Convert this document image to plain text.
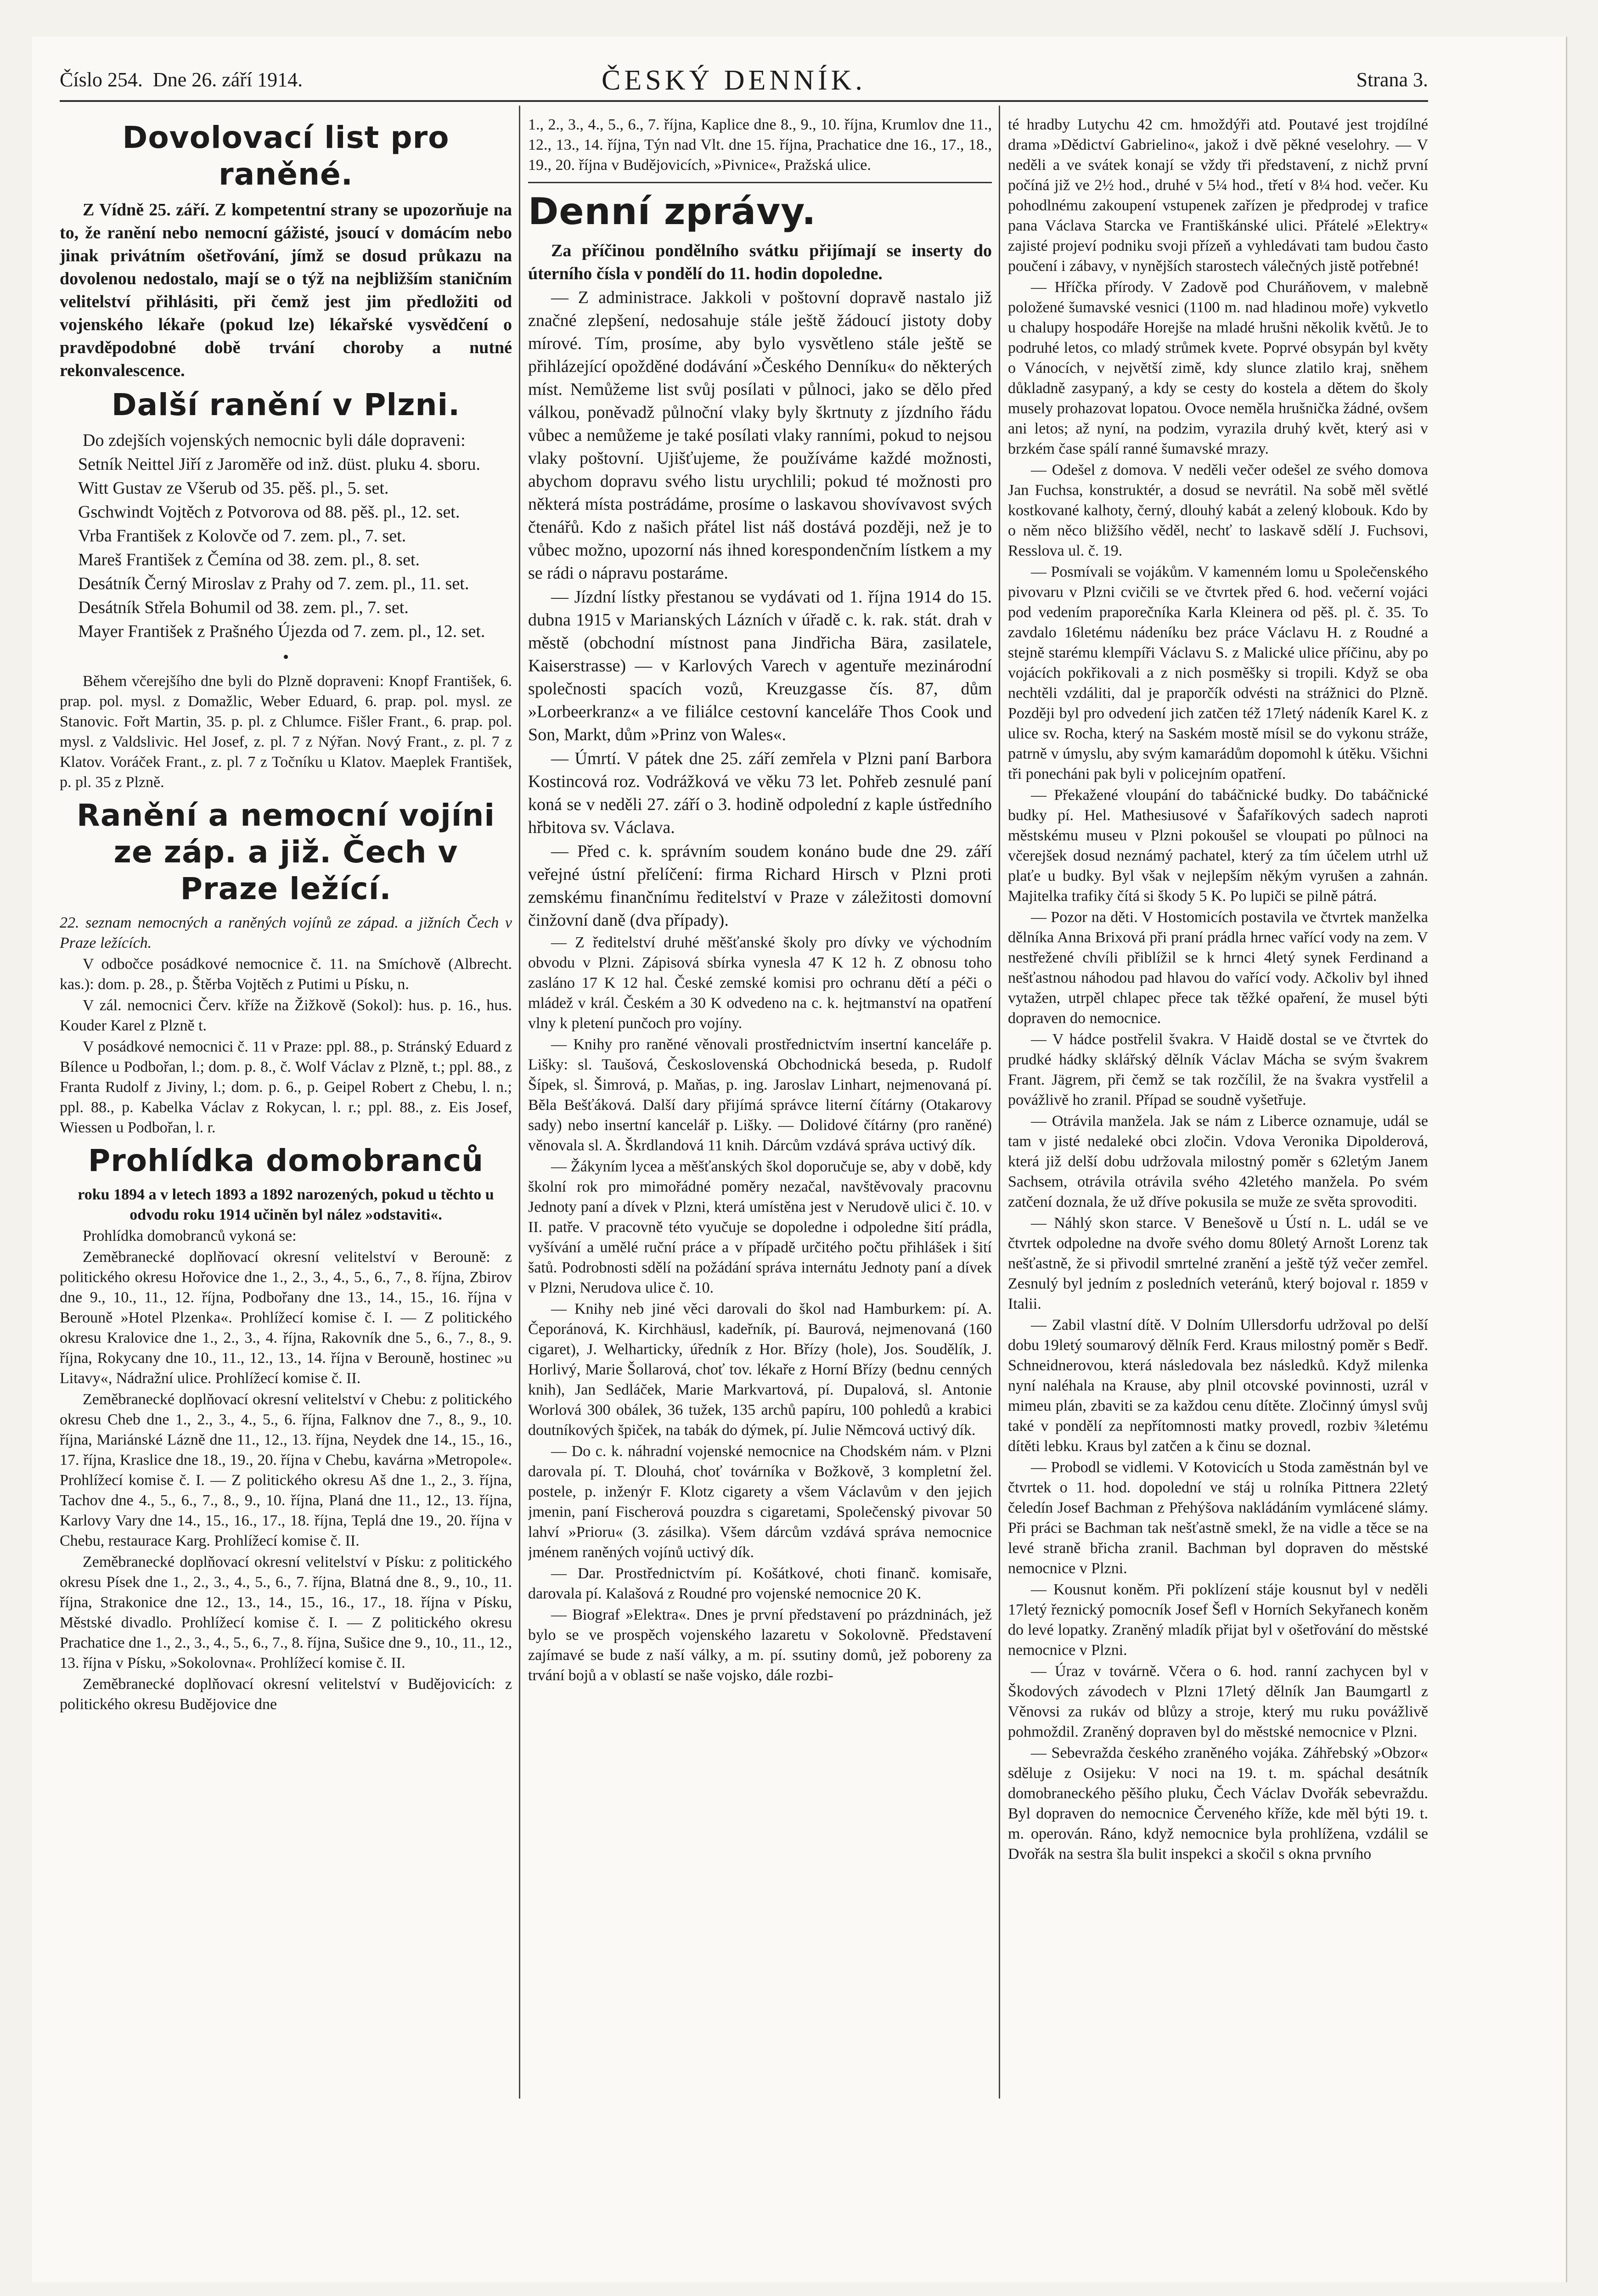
Číslo 254. Dne 26. září 1914.	ČESKÝ DENNÍK.	Strana 3.
Dovolovací list pro raněné.

Z Vídně 25. září. Z kompetentní strany se upozorňuje na to, že ranění nebo nemocní gážisté, jsoucí v domácím nebo jinak privátním ošetřování, jímž se dosud průkazu na dovolenou nedostalo, mají se o týž na nejbližším staničním velitelství přihlásiti, při čemž jest jim předložiti od vojenského lékaře (pokud lze) lékařské vysvědčení o pravděpodobné době trvání choroby a nutné rekonvalescence.

Další ranění v Plzni.

Do zdejších vojenských nemocnic byli dále dopraveni:

Setník Neittel Jiří z Jaroměře od inž. düst. pluku 4. sboru.

Witt Gustav ze Všerub od 35. pěš. pl., 5. set.

Gschwindt Vojtěch z Potvorova od 88. pěš. pl., 12. set.

Vrba František z Kolovče od 7. zem. pl., 7. set.

Mareš František z Čemína od 38. zem. pl., 8. set.

Desátník Černý Miroslav z Prahy od 7. zem. pl., 11. set.

Desátník Střela Bohumil od 38. zem. pl., 7. set.

Mayer František z Prašného Újezda od 7. zem. pl., 12. set.

•

Během včerejšího dne byli do Plzně dopraveni: Knopf František, 6. prap. pol. mysl. z Domažlic, Weber Eduard, 6. prap. pol. mysl. ze Stanovic. Fořt Martin, 35. p. pl. z Chlumce. Fišler Frant., 6. prap. pol. mysl. z Valdslivic. Hel Josef, z. pl. 7 z Nýřan. Nový Frant., z. pl. 7 z Klatov. Voráček Frant., z. pl. 7 z Točníku u Klatov. Maeplek František, p. pl. 35 z Plzně.

Ranění a nemocní vojíni ze záp. a již. Čech v Praze ležící.

22. seznam nemocných a raněných vojínů ze západ. a jižních Čech v Praze ležících.

V odbočce posádkové nemocnice č. 11. na Smíchově (Albrecht. kas.): dom. p. 28., p. Štěrba Vojtěch z Putimi u Písku, n.

V zál. nemocnici Červ. kříže na Žižkově (Sokol): hus. p. 16., hus. Kouder Karel z Plzně t.

V posádkové nemocnici č. 11 v Praze: ppl. 88., p. Stránský Eduard z Bílence u Podbořan, l.; dom. p. 8., č. Wolf Václav z Plzně, t.; ppl. 88., z Franta Rudolf z Jiviny, l.; dom. p. 6., p. Geipel Robert z Chebu, l. n.; ppl. 88., p. Kabelka Václav z Rokycan, l. r.; ppl. 88., z. Eis Josef, Wiessen u Podbořan, l. r.

Prohlídka domobranců

roku 1894 a v letech 1893 a 1892 narozených, pokud u těchto u odvodu roku 1914 učiněn byl nález »odstaviti«.

Prohlídka domobranců vykoná se:

Zeměbranecké doplňovací okresní velitelství v Berouně: z politického okresu Hořovice dne 1., 2., 3., 4., 5., 6., 7., 8. října, Zbirov dne 9., 10., 11., 12. října, Podbořany dne 13., 14., 15., 16. října v Berouně »Hotel Plzenka«. Prohlížecí komise č. I. — Z politického okresu Kralovice dne 1., 2., 3., 4. října, Rakovník dne 5., 6., 7., 8., 9. října, Rokycany dne 10., 11., 12., 13., 14. října v Berouně, hostinec »u Litavy«, Nádražní ulice. Prohlížecí komise č. II.

Zeměbranecké doplňovací okresní velitelství v Chebu: z politického okresu Cheb dne 1., 2., 3., 4., 5., 6. října, Falknov dne 7., 8., 9., 10. října, Mariánské Lázně dne 11., 12., 13. října, Neydek dne 14., 15., 16., 17. října, Kraslice dne 18., 19., 20. října v Chebu, kavárna »Metropole«. Prohlížecí komise č. I. — Z politického okresu Aš dne 1., 2., 3. října, Tachov dne 4., 5., 6., 7., 8., 9., 10. října, Planá dne 11., 12., 13. října, Karlovy Vary dne 14., 15., 16., 17., 18. října, Teplá dne 19., 20. října v Chebu, restaurace Karg. Prohlížecí komise č. II.

Zeměbranecké doplňovací okresní velitelství v Písku: z politického okresu Písek dne 1., 2., 3., 4., 5., 6., 7. října, Blatná dne 8., 9., 10., 11. října, Strakonice dne 12., 13., 14., 15., 16., 17., 18. října v Písku, Městské divadlo. Prohlížecí komise č. I. — Z politického okresu Prachatice dne 1., 2., 3., 4., 5., 6., 7., 8. října, Sušice dne 9., 10., 11., 12., 13. října v Písku, »Sokolovna«. Prohlížecí komise č. II.

Zeměbranecké doplňovací okresní velitelství v Budějovicích: z politického okresu Budějovice dne

1., 2., 3., 4., 5., 6., 7. října, Kaplice dne 8., 9., 10. října, Krumlov dne 11., 12., 13., 14. října, Týn nad Vlt. dne 15. října, Prachatice dne 16., 17., 18., 19., 20. října v Budějovicích, »Pivnice«, Pražská ulice.

Denní zprávy.

Za příčinou pondělního svátku přijímají se inserty do úterního čísla v pondělí do 11. hodin dopoledne.

— Z administrace. Jakkoli v poštovní dopravě nastalo již značné zlepšení, nedosahuje stále ještě žádoucí jistoty doby mírové. Tím, prosíme, aby bylo vysvětleno stále ještě se přihlázející opožděné dodávání »Českého Denníku« do některých míst. Nemůžeme list svůj posílati v půlnoci, jako se dělo před válkou, poněvadž půlnoční vlaky byly škrtnuty z jízdního řádu vůbec a nemůžeme je také posílati vlaky ranními, pokud to nejsou vlaky poštovní. Ujišťujeme, že používáme každé možnosti, abychom dopravu svého listu urychlili; pokud té možnosti pro některá místa postrádáme, prosíme o laskavou shovívavost svých čtenářů. Kdo z našich přátel list náš dostává později, než je to vůbec možno, upozorní nás ihned korespondenčním lístkem a my se rádi o nápravu postaráme.

— Jízdní lístky přestanou se vydávati od 1. října 1914 do 15. dubna 1915 v Marianských Lázních v úřadě c. k. rak. stát. drah v městě (obchodní místnost pana Jindřicha Bära, zasilatele, Kaiserstrasse) — v Karlových Varech v agentuře mezinárodní společnosti spacích vozů, Kreuzgasse čís. 87, dům »Lorbeerkranz« a ve filiálce cestovní kanceláře Thos Cook und Son, Markt, dům »Prinz von Wales«.

— Úmrtí. V pátek dne 25. září zemřela v Plzni paní Barbora Kostincová roz. Vodrážková ve věku 73 let. Pohřeb zesnulé paní koná se v neděli 27. září o 3. hodině odpolední z kaple ústředního hřbitova sv. Václava.

— Před c. k. správním soudem konáno bude dne 29. září veřejné ústní přelíčení: firma Richard Hirsch v Plzni proti zemskému finančnímu ředitelství v Praze v záležitosti domovní činžovní daně (dva případy).

— Z ředitelství druhé měšťanské školy pro dívky ve východním obvodu v Plzni. Zápisová sbírka vynesla 47 K 12 h. Z obnosu toho zasláno 17 K 12 hal. České zemské komisi pro ochranu dětí a péči o mládež v král. Českém a 30 K odvedeno na c. k. hejtmanství na opatření vlny k pletení punčoch pro vojíny.

— Knihy pro raněné věnovali prostřednictvím insertní kanceláře p. Lišky: sl. Taušová, Československá Obchodnická beseda, p. Rudolf Šípek, sl. Šimrová, p. Maňas, p. ing. Jaroslav Linhart, nejmenovaná pí. Běla Bešťáková. Další dary přijímá správce literní čítárny (Otakarovy sady) nebo insertní kancelář p. Lišky. — Dolidové čítárny (pro raněné) věnovala sl. A. Škrdlandová 11 knih. Dárcům vzdává správa uctivý dík.

— Žákyním lycea a měšťanských škol doporučuje se, aby v době, kdy školní rok pro mimořádné poměry nezačal, navštěvovaly pracovnu Jednoty paní a dívek v Plzni, která umístěna jest v Nerudově ulici č. 10. v II. patře. V pracovně této vyučuje se dopoledne i odpoledne šití prádla, vyšívání a umělé ruční práce a v případě určitého počtu přihlášek i šití šatů. Podrobnosti sdělí na požádání správa internátu Jednoty paní a dívek v Plzni, Nerudova ulice č. 10.

— Knihy neb jiné věci darovali do škol nad Hamburkem: pí. A. Čeporánová, K. Kirchhäusl, kadeřník, pí. Baurová, nejmenovaná (160 cigaret), J. Welharticky, úředník z Hor. Břízy (hole), Jos. Soudělík, J. Horlivý, Marie Šollarová, choť tov. lékaře z Horní Břízy (bednu cenných knih), Jan Sedláček, Marie Markvartová, pí. Dupalová, sl. Antonie Worlová 300 obálek, 36 tužek, 135 archů papíru, 100 pohledů a krabici doutníkových špiček, na tabák do dýmek, pí. Julie Němcová uctivý dík.

— Do c. k. náhradní vojenské nemocnice na Chodském nám. v Plzni darovala pí. T. Dlouhá, choť továrníka v Božkově, 3 kompletní žel. postele, p. inženýr F. Klotz cigarety a všem Václavům v den jejich jmenin, paní Fischerová pouzdra s cigaretami, Společenský pivovar 50 lahví »Prioru« (3. zásilka). Všem dárcům vzdává správa nemocnice jménem raněných vojínů uctivý dík.

— Dar. Prostřednictvím pí. Košátkové, choti finanč. komisaře, darovala pí. Kalašová z Roudné pro vojenské nemocnice 20 K.

— Biograf »Elektra«. Dnes je první představení po prázdninách, jež bylo se ve prospěch vojenského lazaretu v Sokolovně. Představení zajímavé se bude z naší války, a m. pí. ssutiny domů, jež poboreny za trvání bojů a v oblastí se naše vojsko, dále rozbi-

té hradby Lutychu 42 cm. hmoždýři atd. Poutavé jest trojdílné drama »Dědictví Gabrielino«, jakož i dvě pěkné veselohry. — V neděli a ve svátek konají se vždy tři představení, z nichž první počíná již ve 2½ hod., druhé v 5¼ hod., třetí v 8¼ hod. večer. Ku pohodlnému zakoupení vstupenek zařízen je předprodej v trafice pana Václava Starcka ve Františkánské ulici. Přátelé »Elektry« zajisté projeví podniku svoji přízeň a vyhledávati tam budou často poučení i zábavy, v nynějších starostech válečných jistě potřebné!

— Hříčka přírody. V Zadově pod Churáňovem, v malebně položené šumavské vesnici (1100 m. nad hladinou moře) vykvetlo u chalupy hospodáře Horejše na mladé hrušni několik květů. Je to podruhé letos, co mladý strůmek kvete. Poprvé obsypán byl květy o Vánocích, v největší zimě, kdy slunce zlatilo kraj, sněhem důkladně zasypaný, a kdy se cesty do kostela a dětem do školy musely prohazovat lopatou. Ovoce neměla hrušnička žádné, ovšem ani letos; až nyní, na podzim, vyrazila druhý květ, který asi v brzkém čase spálí ranné šumavské mrazy.

— Odešel z domova. V neděli večer odešel ze svého domova Jan Fuchsa, konstruktér, a dosud se nevrátil. Na sobě měl světlé kostkované kalhoty, černý, dlouhý kabát a zelený klobouk. Kdo by o něm něco bližšího věděl, nechť to laskavě sdělí J. Fuchsovi, Resslova ul. č. 19.

— Posmívali se vojákům. V kamenném lomu u Společenského pivovaru v Plzni cvičili se ve čtvrtek před 6. hod. večerní vojáci pod vedením praporečníka Karla Kleinera od pěš. pl. č. 35. To zavdalo 16letému nádeníku bez práce Václavu H. z Roudné a stejně starému klempíři Václavu S. z Malické ulice příčinu, aby po vojácích pokřikovali a z nich posměšky si tropili. Když se oba nechtěli vzdáliti, dal je praporčík odvésti na strážnici do Plzně. Později byl pro odvedení jich zatčen též 17letý nádeník Karel K. z ulice sv. Rocha, který na Saském mostě mísil se do vykonu stráže, patrně v úmyslu, aby svým kamarádům dopomohl k útěku. Všichni tři ponecháni pak byli v policejním opatření.

— Překažené vloupání do tabáčnické budky. Do tabáčnické budky pí. Hel. Mathesiusové v Šafaříkových sadech naproti městskému museu v Plzni pokoušel se vloupati po půlnoci na včerejšek dosud neznámý pachatel, který za tím účelem utrhl už plaťe u budky. Byl však v nejlepším někým vyrušen a zahnán. Majitelka trafiky čítá si škody 5 K. Po lupiči se pilně pátrá.

— Pozor na děti. V Hostomicích postavila ve čtvrtek manželka dělníka Anna Brixová při praní prádla hrnec vařící vody na zem. V nestřežené chvíli přiblížil se k hrnci 4letý synek Ferdinand a nešťastnou náhodou pad hlavou do vařící vody. Ačkoliv byl ihned vytažen, utrpěl chlapec přece tak těžké opaření, že musel býti dopraven do nemocnice.

— V hádce postřelil švakra. V Haidě dostal se ve čtvrtek do prudké hádky sklářský dělník Václav Mácha se svým švakrem Frant. Jägrem, při čemž se tak rozčílil, že na švakra vystřelil a povážlivě ho zranil. Případ se soudně vyšetřuje.

— Otrávila manžela. Jak se nám z Liberce oznamuje, udál se tam v jisté nedaleké obci zločin. Vdova Veronika Dipolderová, která již delší dobu udržovala milostný poměr s 62letým Janem Sachsem, otrávila otrávila svého 42letého manžela. Po svém zatčení doznala, že už dříve pokusila se muže ze světa sprovoditi.

— Náhlý skon starce. V Benešově u Ústí n. L. udál se ve čtvrtek odpoledne na dvoře svého domu 80letý Arnošt Lorenz tak nešťastně, že si přivodil smrtelné zranění a ještě týž večer zemřel. Zesnulý byl jedním z posledních veteránů, který bojoval r. 1859 v Italii.

— Zabil vlastní dítě. V Dolním Ullersdorfu udržoval po delší dobu 19letý soumarový dělník Ferd. Kraus milostný poměr s Bedř. Schneidnerovou, která následovala bez následků. Když milenka nyní naléhala na Krause, aby plnil otcovské povinnosti, uzrál v mimeu plán, zbaviti se za každou cenu dítěte. Zločinný úmysl svůj také v pondělí za nepřítomnosti matky provedl, rozbiv ¾letému dítěti lebku. Kraus byl zatčen a k činu se doznal.

— Probodl se vidlemi. V Kotovicích u Stoda zaměstnán byl ve čtvrtek o 11. hod. dopolední ve stáj u rolníka Pittnera 22letý čeledín Josef Bachman z Přehýšova nakládáním vymlácené slámy. Při práci se Bachman tak nešťastně smekl, že na vidle a těce se na levé straně břicha zranil. Bachman byl dopraven do městské nemocnice v Plzni.

— Kousnut koněm. Při poklízení stáje kousnut byl v neděli 17letý řeznický pomocník Josef Šefl v Horních Sekyřanech koněm do levé lopatky. Zraněný mladík přijat byl v ošetřování do městské nemocnice v Plzni.

— Úraz v továrně. Včera o 6. hod. ranní zachycen byl v Škodových závodech v Plzni 17letý dělník Jan Baumgartl z Věnovsi za rukáv od blůzy a stroje, který mu ruku povážlivě pohmoždil. Zraněný dopraven byl do městské nemocnice v Plzni.

— Sebevražda českého zraněného vojáka. Záhřebský »Obzor« sděluje z Osijeku: V noci na 19. t. m. spáchal desátník domobraneckého pěšího pluku, Čech Václav Dvořák sebevraždu. Byl dopraven do nemocnice Červeného kříže, kde měl býti 19. t. m. operován. Ráno, když nemocnice byla prohlížena, vzdálil se Dvořák na sestra šla bulit inspekci a skočil s okna prvního
